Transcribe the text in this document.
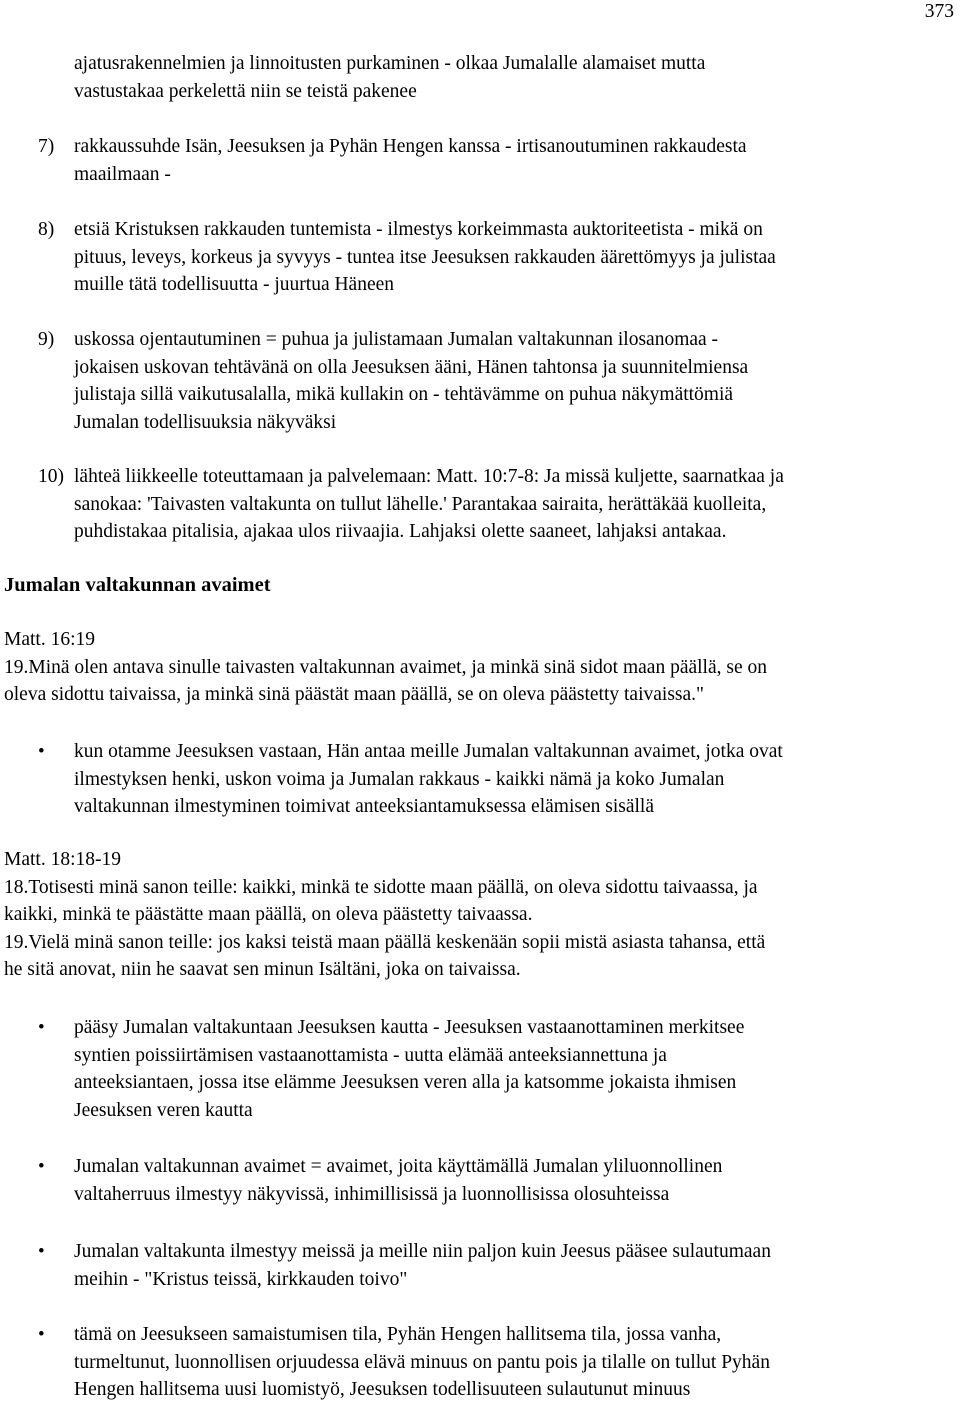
373
ajatusrakennelmien ja linnoitusten purkaminen - olkaa Jumalalle alamaiset mutta
vastustakaa perkelettä niin se teistä pakenee
7) rakkaussuhde Isän, Jeesuksen ja Pyhän Hengen kanssa - irtisanoutuminen rakkaudesta
maailmaan -
8) etsiä Kristuksen rakkauden tuntemista - ilmestys korkeimmasta auktoriteetista - mikä on
pituus, leveys, korkeus ja syvyys - tuntea itse Jeesuksen rakkauden äärettömyys ja julistaa
muille tätä todellisuutta - juurtua Häneen
9) uskossa ojentautuminen = puhua ja julistamaan Jumalan valtakunnan ilosanomaa -
jokaisen uskovan tehtävänä on olla Jeesuksen ääni, Hänen tahtonsa ja suunnitelmiensa
julistaja sillä vaikutusalalla, mikä kullakin on - tehtävämme on puhua näkymättömiä
Jumalan todellisuuksia näkyväksi
10) lähteä liikkeelle toteuttamaan ja palvelemaan: Matt. 10:7-8: Ja missä kuljette, saarnatkaa ja
sanokaa: 'Taivasten valtakunta on tullut lähelle.' Parantakaa sairaita, herättäkää kuolleita,
puhdistakaa pitalisia, ajakaa ulos riivaajia. Lahjaksi olette saaneet, lahjaksi antakaa.
Jumalan valtakunnan avaimet
Matt. 16:19
19.Minä olen antava sinulle taivasten valtakunnan avaimet, ja minkä sinä sidot maan päällä, se on
oleva sidottu taivaissa, ja minkä sinä päästät maan päällä, se on oleva päästetty taivaissa."
• kun otamme Jeesuksen vastaan, Hän antaa meille Jumalan valtakunnan avaimet, jotka ovat
ilmestyksen henki, uskon voima ja Jumalan rakkaus - kaikki nämä ja koko Jumalan
valtakunnan ilmestyminen toimivat anteeksiantamuksessa elämisen sisällä
Matt. 18:18-19
18.Totisesti minä sanon teille: kaikki, minkä te sidotte maan päällä, on oleva sidottu taivaassa, ja
kaikki, minkä te päästätte maan päällä, on oleva päästetty taivaassa.
19.Vielä minä sanon teille: jos kaksi teistä maan päällä keskenään sopii mistä asiasta tahansa, että
he sitä anovat, niin he saavat sen minun Isältäni, joka on taivaissa.
• pääsy Jumalan valtakuntaan Jeesuksen kautta - Jeesuksen vastaanottaminen merkitsee
syntien poissiirtämisen vastaanottamista - uutta elämää anteeksiannettuna ja
anteeksiantaen, jossa itse elämme Jeesuksen veren alla ja katsomme jokaista ihmisen
Jeesuksen veren kautta
• Jumalan valtakunnan avaimet = avaimet, joita käyttämällä Jumalan yliluonnollinen
valtaherruus ilmestyy näkyvissä, inhimillisissä ja luonnollisissa olosuhteissa
• Jumalan valtakunta ilmestyy meissä ja meille niin paljon kuin Jeesus pääsee sulautumaan
meihin - "Kristus teissä, kirkkauden toivo"
• tämä on Jeesukseen samaistumisen tila, Pyhän Hengen hallitsema tila, jossa vanha,
turmeltunut, luonnollisen orjuudessa elävä minuus on pantu pois ja tilalle on tullut Pyhän
Hengen hallitsema uusi luomistyö, Jeesuksen todellisuuteen sulautunut minuus
